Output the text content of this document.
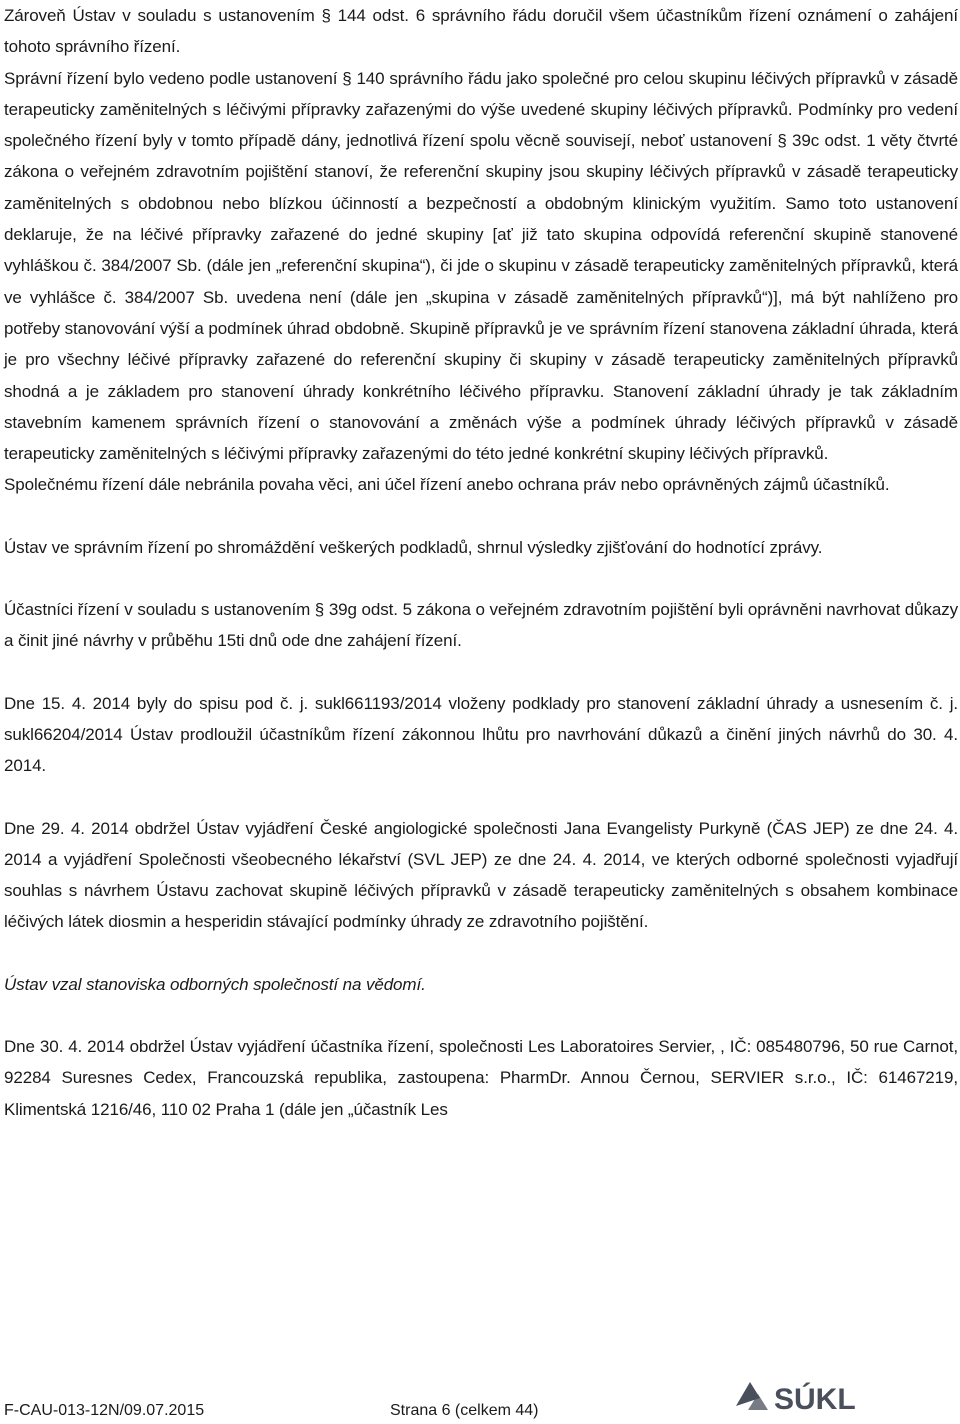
Zároveň Ústav v souladu s ustanovením § 144 odst. 6 správního řádu doručil všem účastníkům řízení oznámení o zahájení tohoto správního řízení.

Správní řízení bylo vedeno podle ustanovení § 140 správního řádu jako společné pro celou skupinu léčivých přípravků v zásadě terapeuticky zaměnitelných s léčivými přípravky zařazenými do výše uvedené skupiny léčivých přípravků. Podmínky pro vedení společného řízení byly v tomto případě dány, jednotlivá řízení spolu věcně souvisejí, neboť ustanovení § 39c odst. 1 věty čtvrté zákona o veřejném zdravotním pojištění stanoví, že referenční skupiny jsou skupiny léčivých přípravků v zásadě terapeuticky zaměnitelných s obdobnou nebo blízkou účinností a bezpečností a obdobným klinickým využitím. Samo toto ustanovení deklaruje, že na léčivé přípravky zařazené do jedné skupiny [ať již tato skupina odpovídá referenční skupině stanovené vyhláškou č. 384/2007 Sb. (dále jen „referenční skupina“), či jde o skupinu v zásadě terapeuticky zaměnitelných přípravků, která ve vyhlášce č. 384/2007 Sb. uvedena není (dále jen „skupina v zásadě zaměnitelných přípravků“)], má být nahlíženo pro potřeby stanovování výší a podmínek úhrad obdobně. Skupině přípravků je ve správním řízení stanovena základní úhrada, která je pro všechny léčivé přípravky zařazené do referenční skupiny či skupiny v zásadě terapeuticky zaměnitelných přípravků shodná a je základem pro stanovení úhrady konkrétního léčivého přípravku. Stanovení základní úhrady je tak základním stavebním kamenem správních řízení o stanovování a změnách výše a podmínek úhrady léčivých přípravků v zásadě terapeuticky zaměnitelných s léčivými přípravky zařazenými do této jedné konkrétní skupiny léčivých přípravků.

Společnému řízení dále nebránila povaha věci, ani účel řízení anebo ochrana práv nebo oprávněných zájmů účastníků.

Ústav ve správním řízení po shromáždění veškerých podkladů, shrnul výsledky zjišťování do hodnotící zprávy.

Účastníci řízení v souladu s ustanovením § 39g odst. 5 zákona o veřejném zdravotním pojištění byli oprávněni navrhovat důkazy a činit jiné návrhy v průběhu 15ti dnů ode dne zahájení řízení.

Dne 15. 4. 2014 byly do spisu pod č. j. sukl661193/2014 vloženy podklady pro stanovení základní úhrady a usnesením č. j. sukl66204/2014 Ústav prodloužil účastníkům řízení zákonnou lhůtu pro navrhování důkazů a činění jiných návrhů do 30. 4. 2014.

Dne 29. 4. 2014 obdržel Ústav vyjádření České angiologické společnosti Jana Evangelisty Purkyně (ČAS JEP) ze dne 24. 4. 2014 a vyjádření Společnosti všeobecného lékařství (SVL JEP) ze dne 24. 4. 2014, ve kterých odborné společnosti vyjadřují souhlas s návrhem Ústavu zachovat skupině léčivých přípravků v zásadě terapeuticky zaměnitelných s obsahem kombinace léčivých látek diosmin a hesperidin stávající podmínky úhrady ze zdravotního pojištění.

Ústav vzal stanoviska odborných společností na vědomí.

Dne 30. 4. 2014 obdržel Ústav vyjádření účastníka řízení, společnosti Les Laboratoires Servier, , IČ: 085480796, 50 rue Carnot, 92284 Suresnes Cedex, Francouzská republika, zastoupena: PharmDr. Annou Černou, SERVIER s.r.o., IČ: 61467219, Klimentská 1216/46, 110 02 Praha 1 (dále jen „účastník Les

F-CAU-013-12N/09.07.2015	Strana 6 (celkem 44)	SÚKL
